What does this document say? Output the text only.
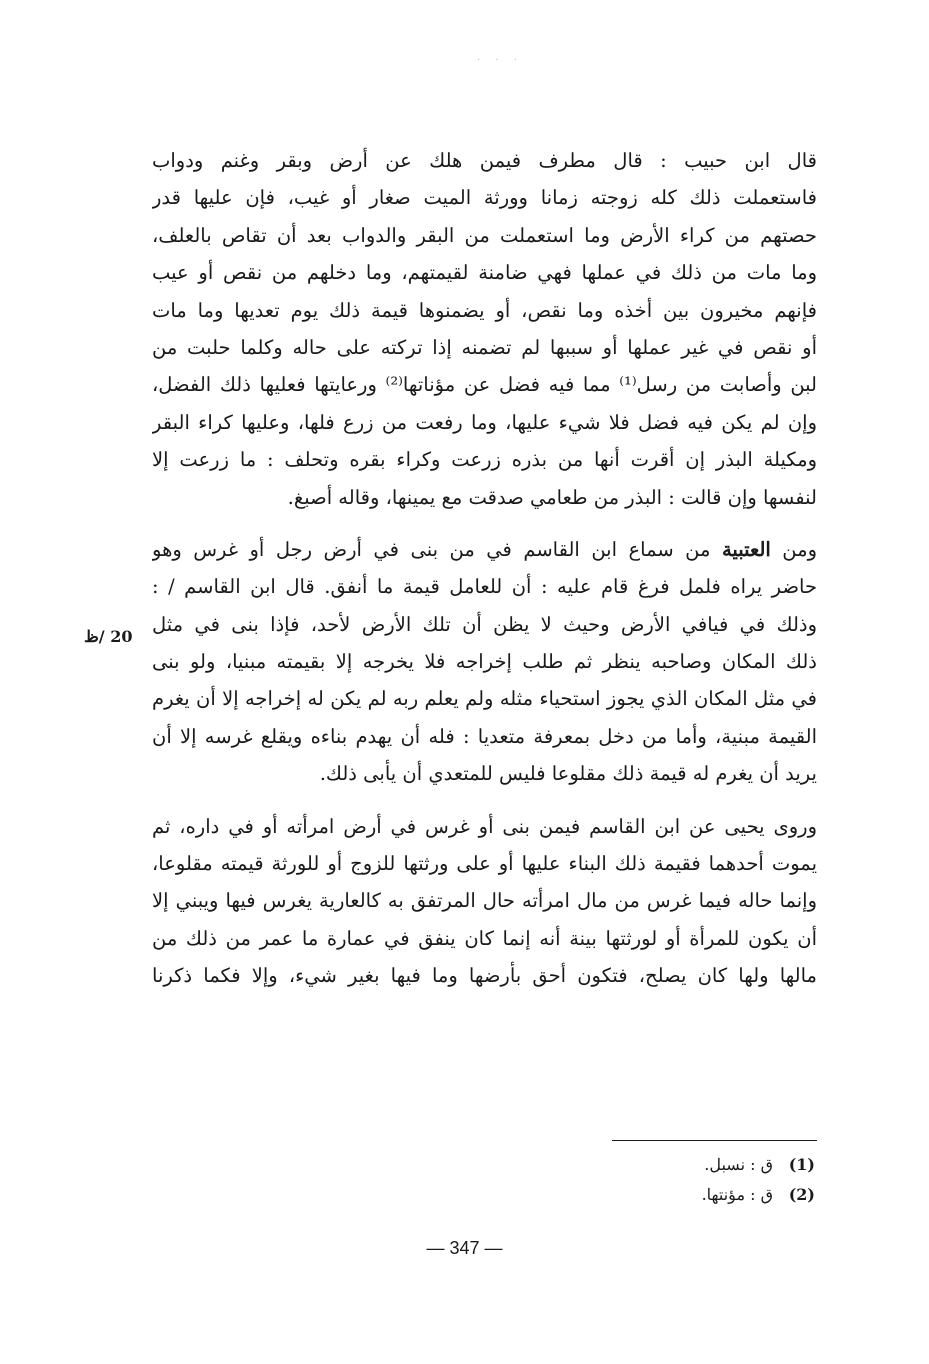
. . .
20 /ظ
قال ابن حبيب : قال مطرف فيمن هلك عن أرض وبقر وغنم ودواب
فاستعملت ذلك كله زوجته زمانا وورثة الميت صغار أو غيب، فإن عليها قدر
حصتهم من كراء الأرض وما استعملت من البقر والدواب بعد أن تقاص بالعلف،
وما مات من ذلك في عملها فهي ضامنة لقيمتهم، وما دخلهم من نقص أو عيب
فإنهم مخيرون بين أخذه وما نقص، أو يضمنوها قيمة ذلك يوم تعديها وما مات
أو نقص في غير عملها أو سببها لم تضمنه إذا تركته على حاله وكلما حلبت من
لبن وأصابت من رسل⁽¹⁾ مما فيه فضل عن مؤناتها⁽²⁾ ورعايتها فعليها ذلك الفضل،
وإن لم يكن فيه فضل فلا شيء عليها، وما رفعت من زرع فلها، وعليها كراء البقر
ومكيلة البذر إن أقرت أنها من بذره زرعت وكراء بقره وتحلف : ما زرعت إلا
لنفسها وإن قالت : البذر من طعامي صدقت مع يمينها، وقاله أصبغ.
ومن العتبية من سماع ابن القاسم في من بنى في أرض رجل أو غرس وهو
حاضر يراه فلمل فرغ قام عليه : أن للعامل قيمة ما أنفق. قال ابن القاسم / :
وذلك في فيافي الأرض وحيث لا يظن أن تلك الأرض لأحد، فإذا بنى في مثل
ذلك المكان وصاحبه ينظر ثم طلب إخراجه فلا يخرجه إلا بقيمته مبنيا، ولو بنى
في مثل المكان الذي يجوز استحياء مثله ولم يعلم ربه لم يكن له إخراجه إلا أن يغرم
القيمة مبنية، وأما من دخل بمعرفة متعديا : فله أن يهدم بناءه ويقلع غرسه إلا أن
يريد أن يغرم له قيمة ذلك مقلوعا فليس للمتعدي أن يأبى ذلك.
وروى يحيى عن ابن القاسم فيمن بنى أو غرس في أرض امرأته أو في داره، ثم
يموت أحدهما فقيمة ذلك البناء عليها أو على ورثتها للزوج أو للورثة قيمته مقلوعا،
وإنما حاله فيما غرس من مال امرأته حال المرتفق به كالعارية يغرس فيها ويبني إلا
أن يكون للمرأة أو لورثتها بينة أنه إنما كان ينفق في عمارة ما عمر من ذلك من
مالها ولها كان يصلح، فتكون أحق بأرضها وما فيها بغير شيء، وإلا فكما ذكرنا
(1)ق : نسبل.
(2)ق : مؤنتها.
— 347 —
